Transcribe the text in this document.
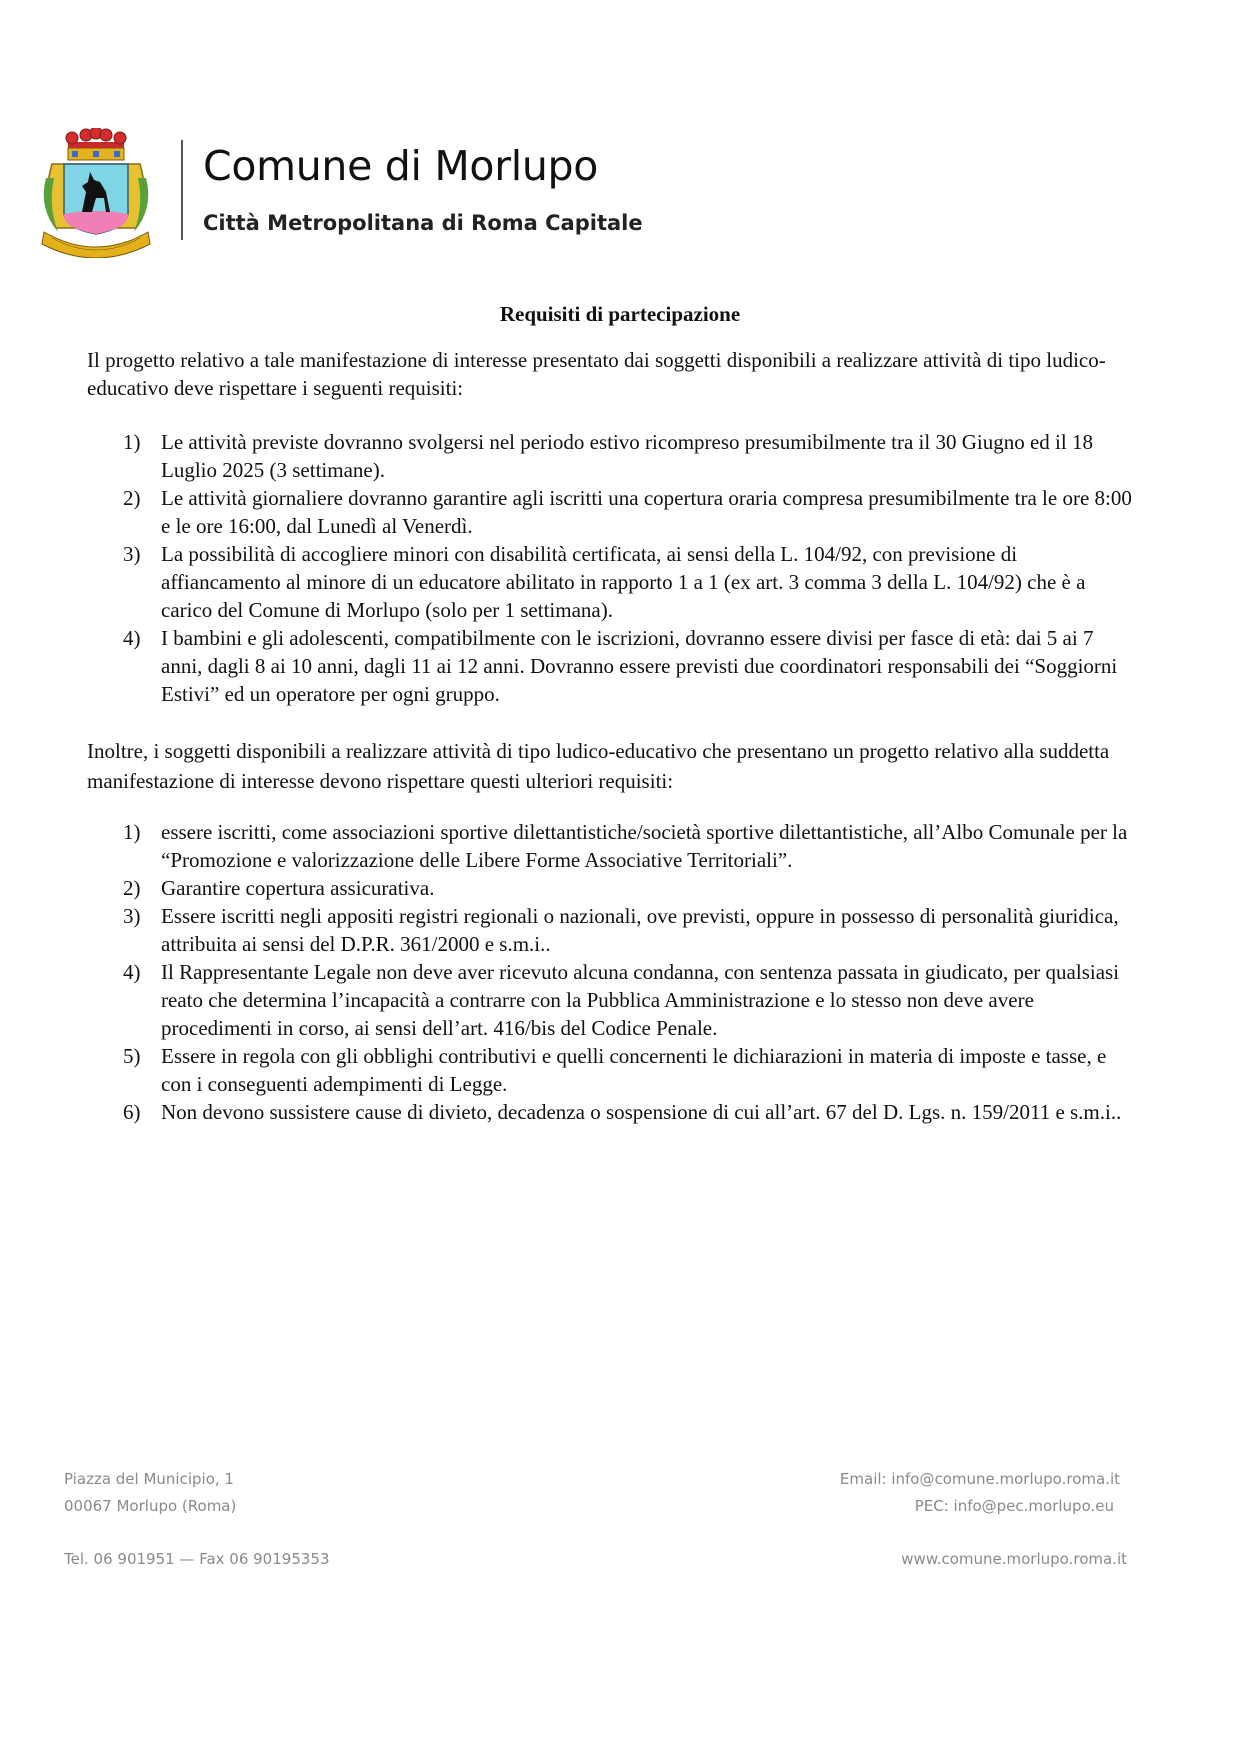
Comune di Morlupo
Città Metropolitana di Roma Capitale
Requisiti di partecipazione

Il progetto relativo a tale manifestazione di interesse presentato dai soggetti disponibili a realizzare attività di tipo ludico-educativo deve rispettare i seguenti requisiti:

1) Le attività previste dovranno svolgersi nel periodo estivo ricompreso presumibilmente tra il 30 Giugno ed il 18 Luglio 2025 (3 settimane).
2) Le attività giornaliere dovranno garantire agli iscritti una copertura oraria compresa presumibilmente tra le ore 8:00 e le ore 16:00, dal Lunedì al Venerdì.
3) La possibilità di accogliere minori con disabilità certificata, ai sensi della L. 104/92, con previsione di affiancamento al minore di un educatore abilitato in rapporto 1 a 1 (ex art. 3 comma 3 della L. 104/92) che è a carico del Comune di Morlupo (solo per 1 settimana).
4) I bambini e gli adolescenti, compatibilmente con le iscrizioni, dovranno essere divisi per fasce di età: dai 5 ai 7 anni, dagli 8 ai 10 anni, dagli 11 ai 12 anni. Dovranno essere previsti due coordinatori responsabili dei “Soggiorni Estivi” ed un operatore per ogni gruppo.

Inoltre, i soggetti disponibili a realizzare attività di tipo ludico-educativo che presentano un progetto relativo alla suddetta manifestazione di interesse devono rispettare questi ulteriori requisiti:

1) essere iscritti, come associazioni sportive dilettantistiche/società sportive dilettantistiche, all’Albo Comunale per la “Promozione e valorizzazione delle Libere Forme Associative Territoriali”.
2) Garantire copertura assicurativa.
3) Essere iscritti negli appositi registri regionali o nazionali, ove previsti, oppure in possesso di personalità giuridica, attribuita ai sensi del D.P.R. 361/2000 e s.m.i..
4) Il Rappresentante Legale non deve aver ricevuto alcuna condanna, con sentenza passata in giudicato, per qualsiasi reato che determina l’incapacità a contrarre con la Pubblica Amministrazione e lo stesso non deve avere procedimenti in corso, ai sensi dell’art. 416/bis del Codice Penale.
5) Essere in regola con gli obblighi contributivi e quelli concernenti le dichiarazioni in materia di imposte e tasse, e con i conseguenti adempimenti di Legge.
6) Non devono sussistere cause di divieto, decadenza o sospensione di cui all’art. 67 del D. Lgs. n. 159/2011 e s.m.i..
Piazza del Municipio, 1
00067 Morlupo (Roma)
Tel. 06 901951 — Fax 06 90195353
Email: info@comune.morlupo.roma.it
PEC: info@pec.morlupo.eu
www.comune.morlupo.roma.it
